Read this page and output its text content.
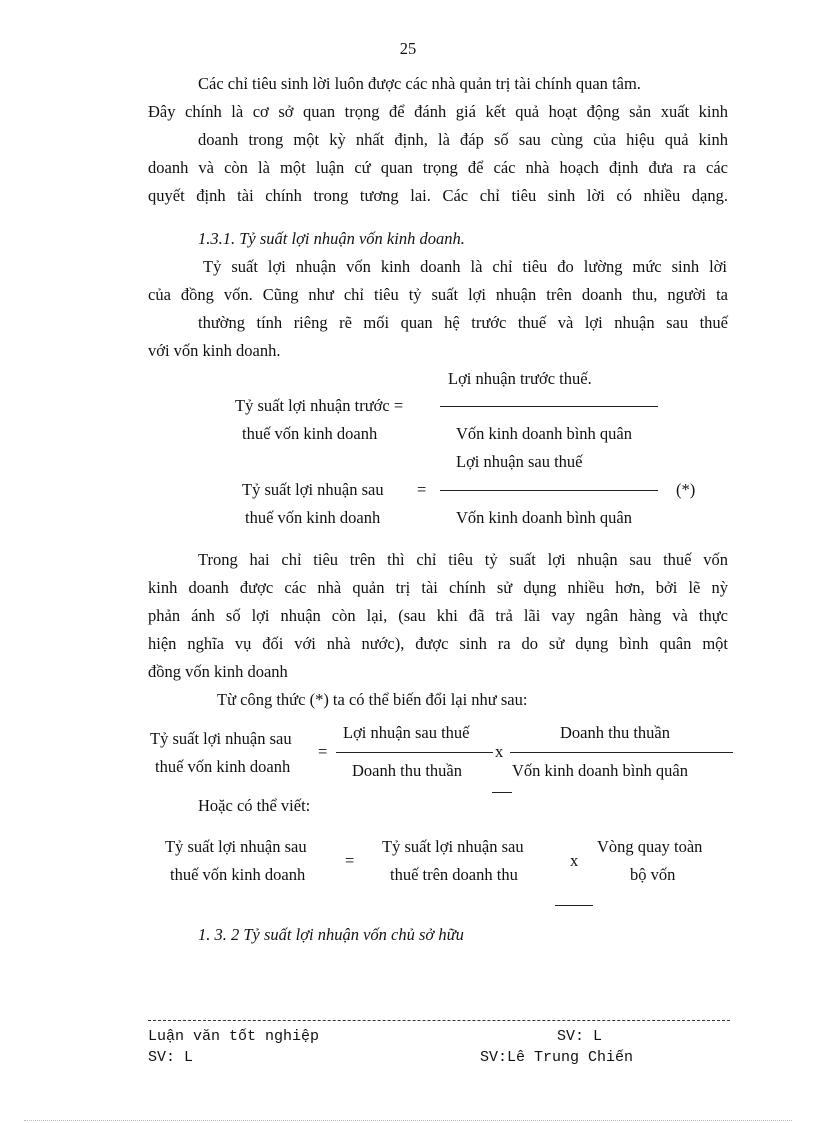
25
Các chỉ tiêu sinh lời luôn được các nhà quản trị tài chính quan tâm.
Đây chính là cơ sở quan trọng để đánh giá kết quả hoạt động sản xuất kinh
doanh trong một kỳ nhất định, là đáp số sau cùng của hiệu quả kinh
doanh và còn là một luận cứ quan trọng để các nhà hoạch định đưa ra các
quyết định tài chính trong tương lai. Các chỉ tiêu sinh lời có nhiều dạng.
1.3.1. Tỷ suất lợi nhuận vốn kinh doanh.
Tỷ suất lợi nhuận vốn kinh doanh là chỉ tiêu đo lường mức sinh lời
của đồng vốn. Cũng như chỉ tiêu tỷ suất lợi nhuận trên doanh thu, người ta
thường tính riêng rẽ mối quan hệ trước thuế và lợi nhuận sau thuế
với vốn kinh doanh.
Lợi nhuận trước thuế.
Tỷ suất lợi nhuận trước =
thuế vốn kinh doanh	Vốn kinh doanh bình quân
Lợi nhuận sau thuế
Tỷ suất lợi nhuận sau =	(*)
thuế vốn kinh doanh	Vốn kinh doanh bình quân
Trong hai chỉ tiêu trên thì chỉ tiêu tỷ suất lợi nhuận sau thuế vốn
kinh doanh được các nhà quản trị tài chính sử dụng nhiều hơn, bởi lẽ nỳ
phản ánh số lợi nhuận còn lại, (sau khi đã trả lãi vay ngân hàng và thực
hiện nghĩa vụ đối với nhà nước), được sinh ra do sử dụng bình quân một
đồng vốn kinh doanh
Từ công thức (*) ta có thể biến đổi lại như sau:
Tỷ suất lợi nhuận sau
thuế vốn kinh doanh
=
Lợi nhuận sau thuế
Doanh thu thuần
x
Doanh thu thuần
Vốn kinh doanh bình quân
Hoặc có thể viết:
Tỷ suất lợi nhuận sau
thuế vốn kinh doanh
=
Tỷ suất lợi nhuận sau
thuế trên doanh thu
x
Vòng quay toàn
bộ vốn
1. 3. 2 Tỷ suất lợi nhuận vốn chủ sở hữu
Luận văn tốt nghiệp	SV: L
SV: L	SV:Lê Trung Chiến
